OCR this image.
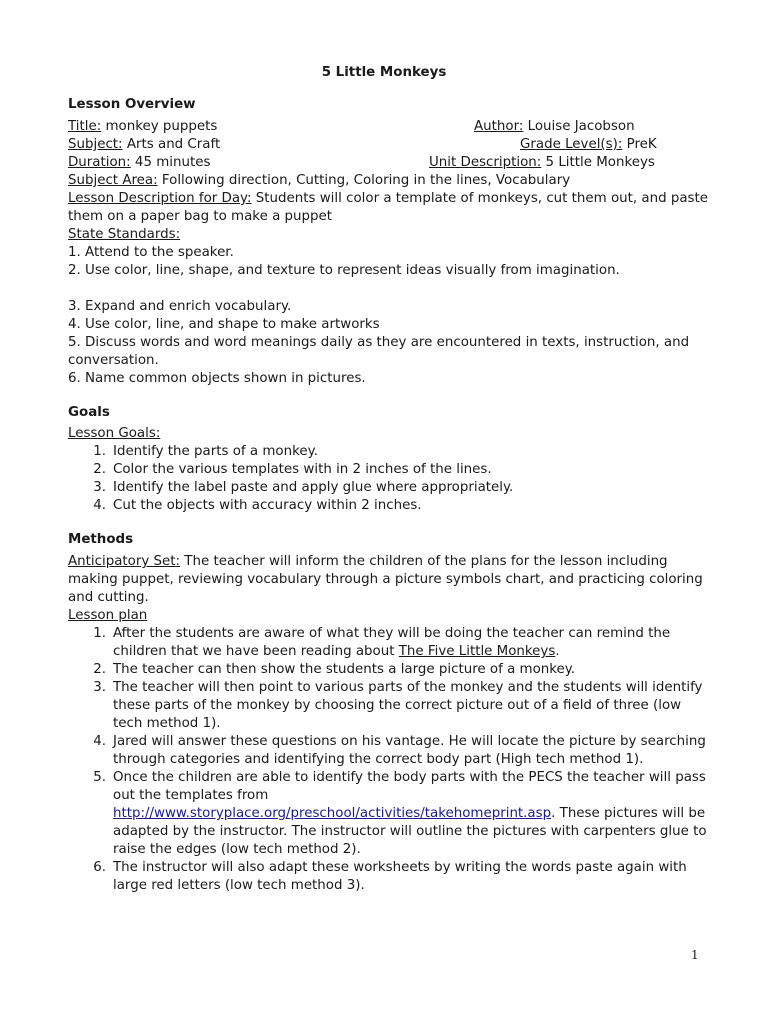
5 Little Monkeys
Lesson Overview
Title: monkey puppets	Author: Louise Jacobson
Subject: Arts and Craft	Grade Level(s): PreK
Duration: 45 minutes	Unit Description: 5 Little Monkeys
Subject Area: Following direction, Cutting, Coloring in the lines, Vocabulary
Lesson Description for Day: Students will color a template of monkeys, cut them out, and paste them on a paper bag to make a puppet
State Standards:
1. Attend to the speaker.
2. Use color, line, shape, and texture to represent ideas visually from imagination.
3. Expand and enrich vocabulary.
4. Use color, line, and shape to make artworks
5. Discuss words and word meanings daily as they are encountered in texts, instruction, and conversation.
6. Name common objects shown in pictures.
Goals
Lesson Goals:
1. Identify the parts of a monkey.
2. Color the various templates with in 2 inches of the lines.
3. Identify the label paste and apply glue where appropriately.
4. Cut the objects with accuracy within 2 inches.
Methods
Anticipatory Set: The teacher will inform the children of the plans for the lesson including making puppet, reviewing vocabulary through a picture symbols chart, and practicing coloring and cutting.
Lesson plan
1. After the students are aware of what they will be doing the teacher can remind the children that we have been reading about The Five Little Monkeys.
2. The teacher can then show the students a large picture of a monkey.
3. The teacher will then point to various parts of the monkey and the students will identify these parts of the monkey by choosing the correct picture out of a field of three (low tech method 1).
4. Jared will answer these questions on his vantage. He will locate the picture by searching through categories and identifying the correct body part (High tech method 1).
5. Once the children are able to identify the body parts with the PECS the teacher will pass out the templates from
http://www.storyplace.org/preschool/activities/takehomeprint.asp. These pictures will be adapted by the instructor. The instructor will outline the pictures with carpenters glue to raise the edges (low tech method 2).
6. The instructor will also adapt these worksheets by writing the words paste again with large red letters (low tech method 3).
1
